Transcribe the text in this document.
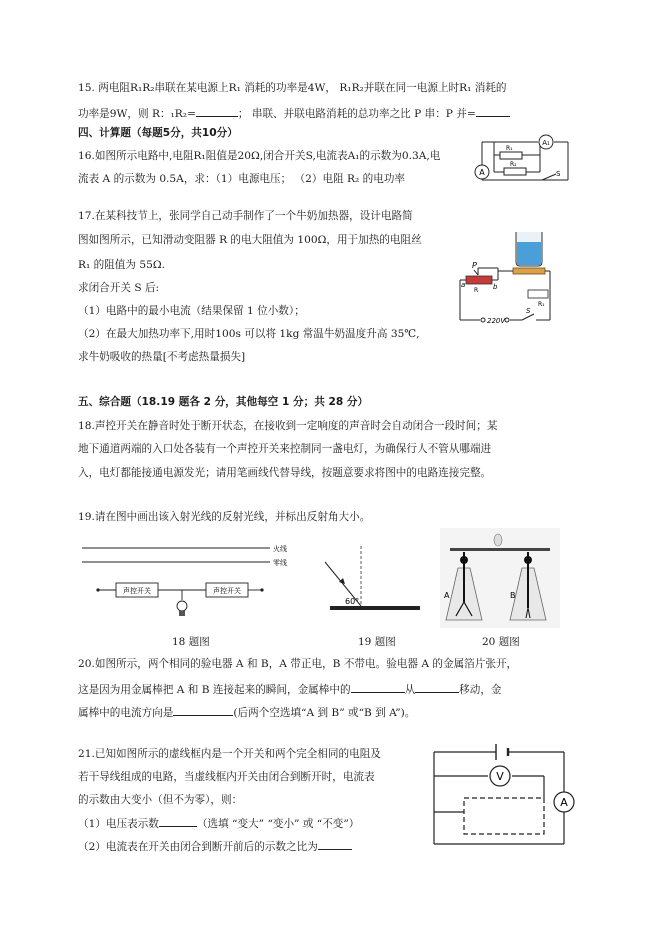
15. 两电阻R₁R₂串联在某电源上R₁ 消耗的功率是4W， R₁R₂并联在同一电源上时R₁ 消耗的
功率是9W，则 R：₁R₂=	； 串联、并联电路消耗的总功率之比 P 串：P 并=
四、计算题（每题5分，共10分）
16.如图所示电路中,电阻R₁阻值是20Ω,闭合开关S,电流表A₁的示数为0.3A,电
流表 A 的示数为 0.5A，求：（1）电源电压； （2）电阻 R₂ 的电功率
A₁
A
R₁
R₂
S
17.在某科技节上，张同学自己动手制作了一个牛奶加热器，设计电路简
图如图所示，已知滑动变阻器 R 的电大阻值为 100Ω，用于加热的电阻丝
R₁ 的阻值为 55Ω.
求闭合开关 S 后:
（1）电路中的最小电流（结果保留 1 位小数）；
（2）在最大加热功率下,用时100s 可以将 1kg 常温牛奶温度升高 35℃,
求牛奶吸收的热量[不考虑热量损失]
P
a	b
R
R₁
220V
S
五、综合题（18.19 题各 2 分，其他每空 1 分；共 28 分）
18.声控开关在静音时处于断开状态，在接收到一定响度的声音时会自动闭合一段时间；某
地下通道两端的入口处各装有一个声控开关来控制同一盏电灯，为确保行人不管从哪端进
入，电灯都能接通电源发光；请用笔画线代替导线，按题意要求将图中的电路连接完整。
19.请在图中画出该入射光线的反射光线，并标出反射角大小。
火线
零线
声控开关	声控开关
18 题图
60°
19 题图
A	B
20 题图
20.如图所示，两个相同的验电器 A 和 B，A 带正电，B 不带电。验电器 A 的金属箔片张开，
这是因为用金属棒把 A 和 B 连接起来的瞬间，金属棒中的	从	移动，金
属棒中的电流方向是	(后两个空选填“A 到 B” 或“B 到 A”)。
21.已知如图所示的虚线框内是一个开关和两个完全相同的电阻及
若干导线组成的电路，当虚线框内开关由闭合到断开时，电流表
的示数由大变小（但不为零），则：
（1）电压表示数	（选填 “变大” “变小” 或 “不变”）
（2）电流表在开关由闭合到断开前后的示数之比为
V
A
